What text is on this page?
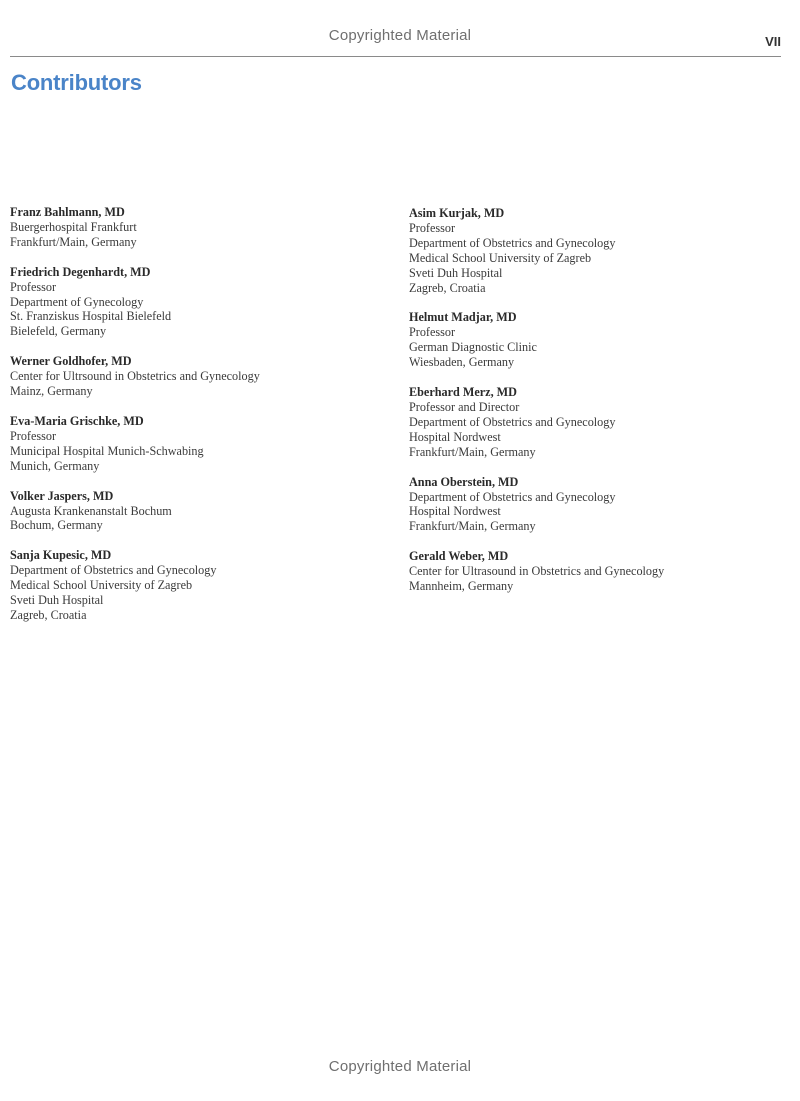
Copyrighted Material	VII
Contributors
Franz Bahlmann, MD
Buergerhospital Frankfurt
Frankfurt/Main, Germany
Friedrich Degenhardt, MD
Professor
Department of Gynecology
St. Franziskus Hospital Bielefeld
Bielefeld, Germany
Werner Goldhofer, MD
Center for Ultrsound in Obstetrics and Gynecology
Mainz, Germany
Eva-Maria Grischke, MD
Professor
Municipal Hospital Munich-Schwabing
Munich, Germany
Volker Jaspers, MD
Augusta Krankenanstalt Bochum
Bochum, Germany
Sanja Kupesic, MD
Department of Obstetrics and Gynecology
Medical School University of Zagreb
Sveti Duh Hospital
Zagreb, Croatia
Asim Kurjak, MD
Professor
Department of Obstetrics and Gynecology
Medical School University of Zagreb
Sveti Duh Hospital
Zagreb, Croatia
Helmut Madjar, MD
Professor
German Diagnostic Clinic
Wiesbaden, Germany
Eberhard Merz, MD
Professor and Director
Department of Obstetrics and Gynecology
Hospital Nordwest
Frankfurt/Main, Germany
Anna Oberstein, MD
Department of Obstetrics and Gynecology
Hospital Nordwest
Frankfurt/Main, Germany
Gerald Weber, MD
Center for Ultrasound in Obstetrics and Gynecology
Mannheim, Germany
Copyrighted Material
